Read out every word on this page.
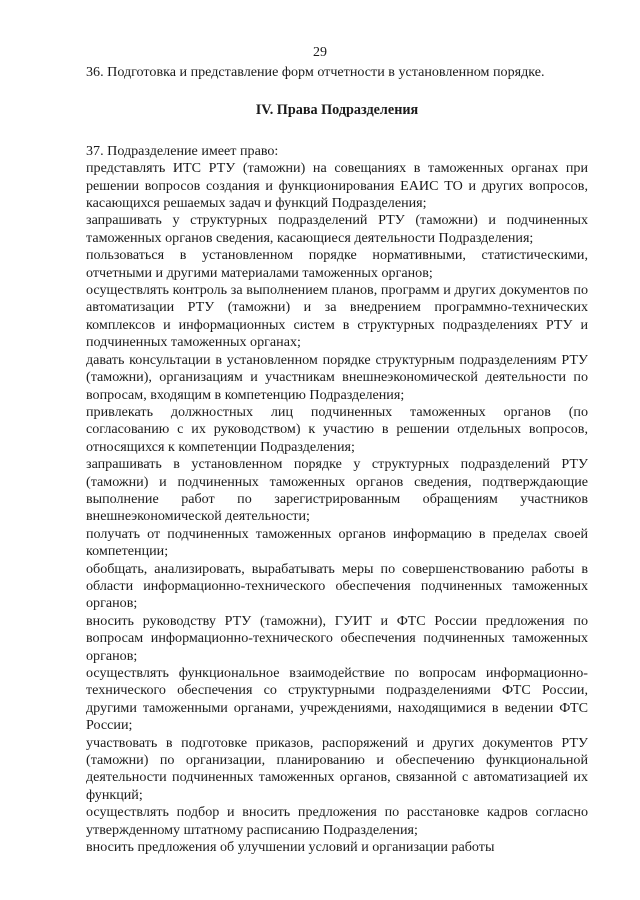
29

36. Подготовка и представление форм отчетности в установленном порядке.

IV. Права Подразделения

37. Подразделение имеет право:

представлять ИТС РТУ (таможни) на совещаниях в таможенных органах при решении вопросов создания и функционирования ЕАИС ТО и других вопросов, касающихся решаемых задач и функций Подразделения;

запрашивать у структурных подразделений РТУ (таможни) и подчиненных таможенных органов сведения, касающиеся деятельности Подразделения;

пользоваться в установленном порядке нормативными, статистическими, отчетными и другими материалами таможенных органов;

осуществлять контроль за выполнением планов, программ и других документов по автоматизации РТУ (таможни) и за внедрением программно-технических комплексов и информационных систем в структурных подразделениях РТУ и подчиненных таможенных органах;

давать консультации в установленном порядке структурным подразделениям РТУ (таможни), организациям и участникам внешнеэкономической деятельности по вопросам, входящим в компетенцию Подразделения;

привлекать должностных лиц подчиненных таможенных органов (по согласованию с их руководством) к участию в решении отдельных вопросов, относящихся к компетенции Подразделения;

запрашивать в установленном порядке у структурных подразделений РТУ (таможни) и подчиненных таможенных органов сведения, подтверждающие выполнение работ по зарегистрированным обращениям участников внешнеэкономической деятельности;

получать от подчиненных таможенных органов информацию в пределах своей компетенции;

обобщать, анализировать, вырабатывать меры по совершенствованию работы в области информационно-технического обеспечения подчиненных таможенных органов;

вносить руководству РТУ (таможни), ГУИТ и ФТС России предложения по вопросам информационно-технического обеспечения подчиненных таможенных органов;

осуществлять функциональное взаимодействие по вопросам информационно-технического обеспечения со структурными подразделениями ФТС России, другими таможенными органами, учреждениями, находящимися в ведении ФТС России;

участвовать в подготовке приказов, распоряжений и других документов РТУ (таможни) по организации, планированию и обеспечению функциональной деятельности подчиненных таможенных органов, связанной с автоматизацией их функций;

осуществлять подбор и вносить предложения по расстановке кадров согласно утвержденному штатному расписанию Подразделения;

вносить предложения об улучшении условий и организации работы
